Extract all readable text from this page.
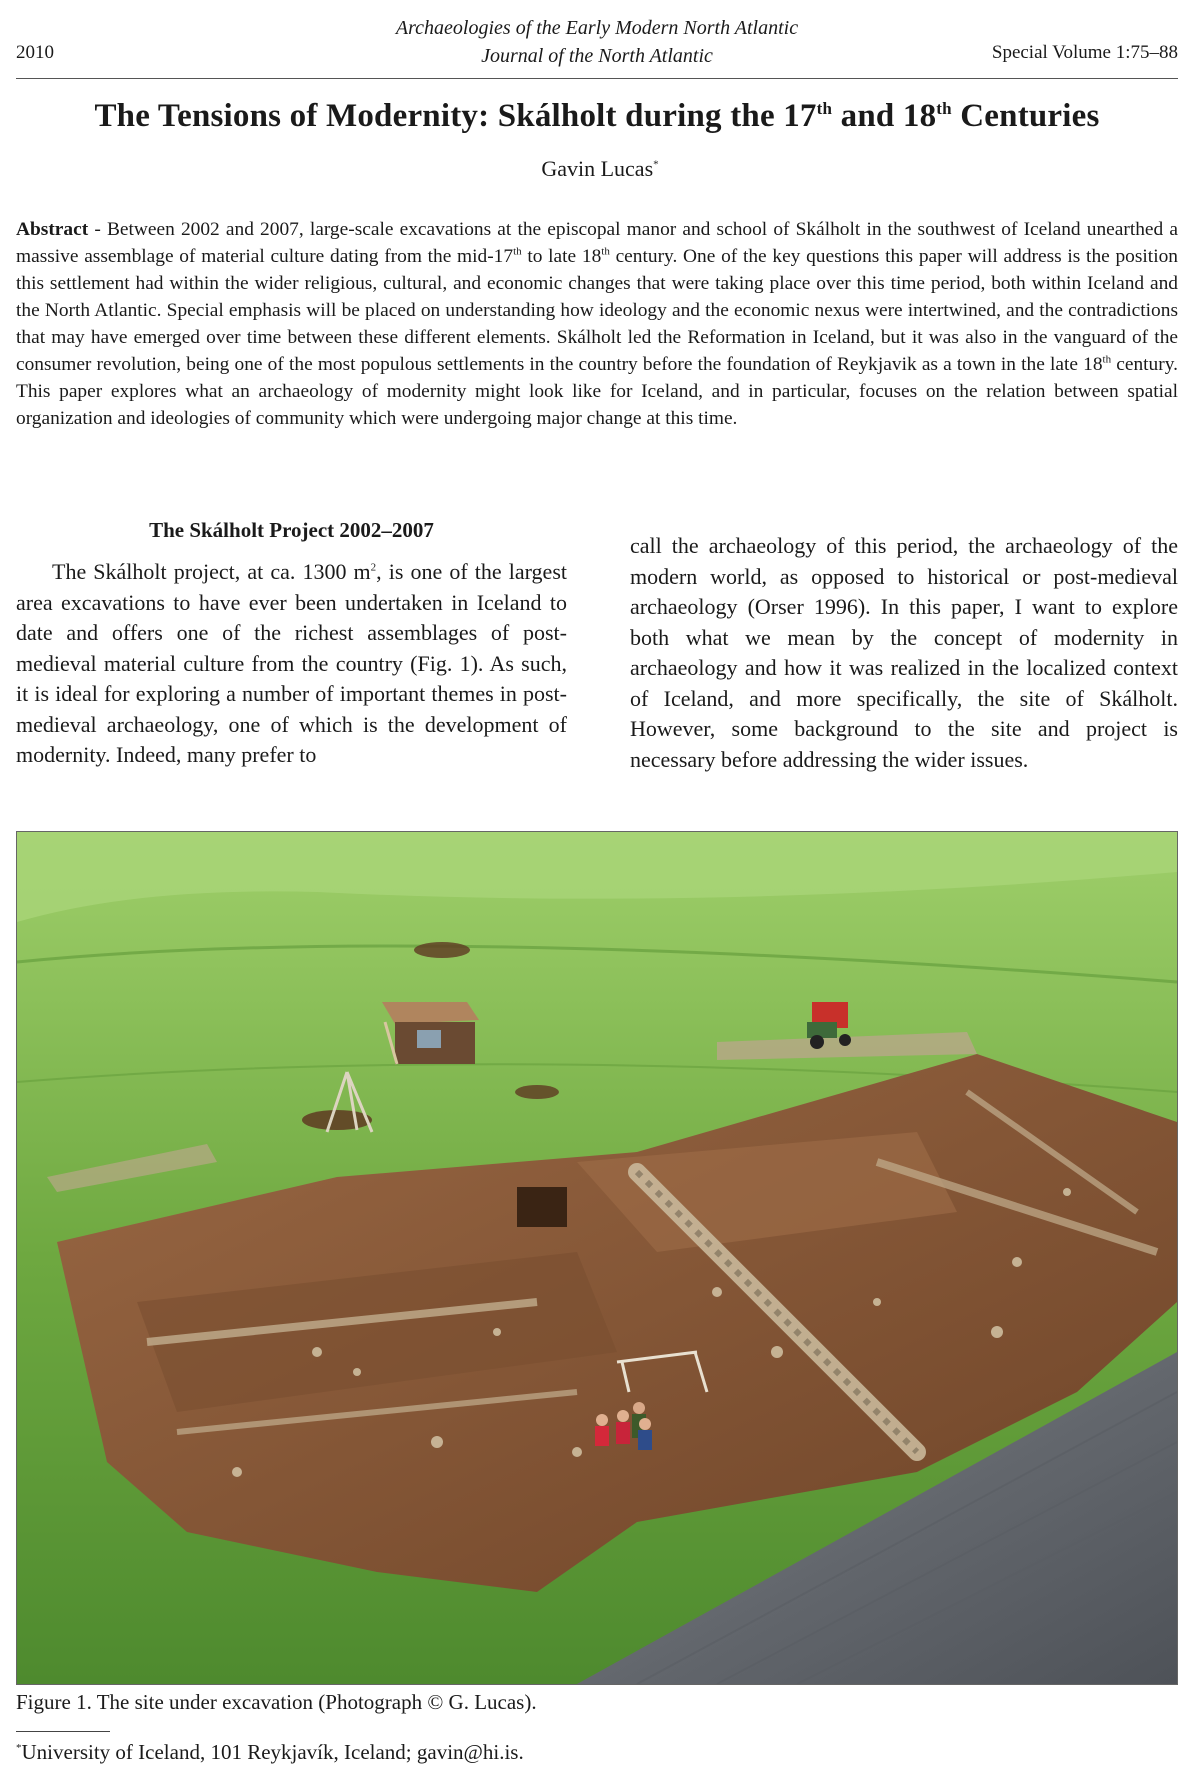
2010
Archaeologies of the Early Modern North Atlantic
Journal of the North Atlantic	Special Volume 1:75–88
The Tensions of Modernity: Skálholt during the 17th and 18th Centuries
Gavin Lucas*
Abstract - Between 2002 and 2007, large-scale excavations at the episcopal manor and school of Skálholt in the southwest of Iceland unearthed a massive assemblage of material culture dating from the mid-17th to late 18th century. One of the key questions this paper will address is the position this settlement had within the wider religious, cultural, and economic changes that were taking place over this time period, both within Iceland and the North Atlantic. Special emphasis will be placed on understanding how ideology and the economic nexus were intertwined, and the contradictions that may have emerged over time between these different elements. Skálholt led the Reformation in Iceland, but it was also in the vanguard of the consumer revolution, being one of the most populous settlements in the country before the foundation of Reykjavik as a town in the late 18th century. This paper explores what an archaeology of modernity might look like for Iceland, and in particular, focuses on the relation between spatial organization and ideologies of community which were undergoing major change at this time.
The Skálholt Project 2002–2007

The Skálholt project, at ca. 1300 $m^2$, is one of the largest area excavations to have ever been undertaken in Iceland to date and offers one of the richest assemblages of post-medieval material culture from the country (Fig. 1). As such, it is ideal for exploring a number of important themes in post-medieval archaeology, one of which is the development of modernity. Indeed, many prefer to

call the archaeology of this period, the archaeology of the modern world, as opposed to historical or post-medieval archaeology (Orser 1996). In this paper, I want to explore both what we mean by the concept of modernity in archaeology and how it was realized in the localized context of Iceland, and more specifically, the site of Skálholt. However, some background to the site and project is necessary before addressing the wider issues.

Figure 1. The site under excavation (Photograph © G. Lucas).
*University of Iceland, 101 Reykjavík, Iceland; gavin@hi.is.
